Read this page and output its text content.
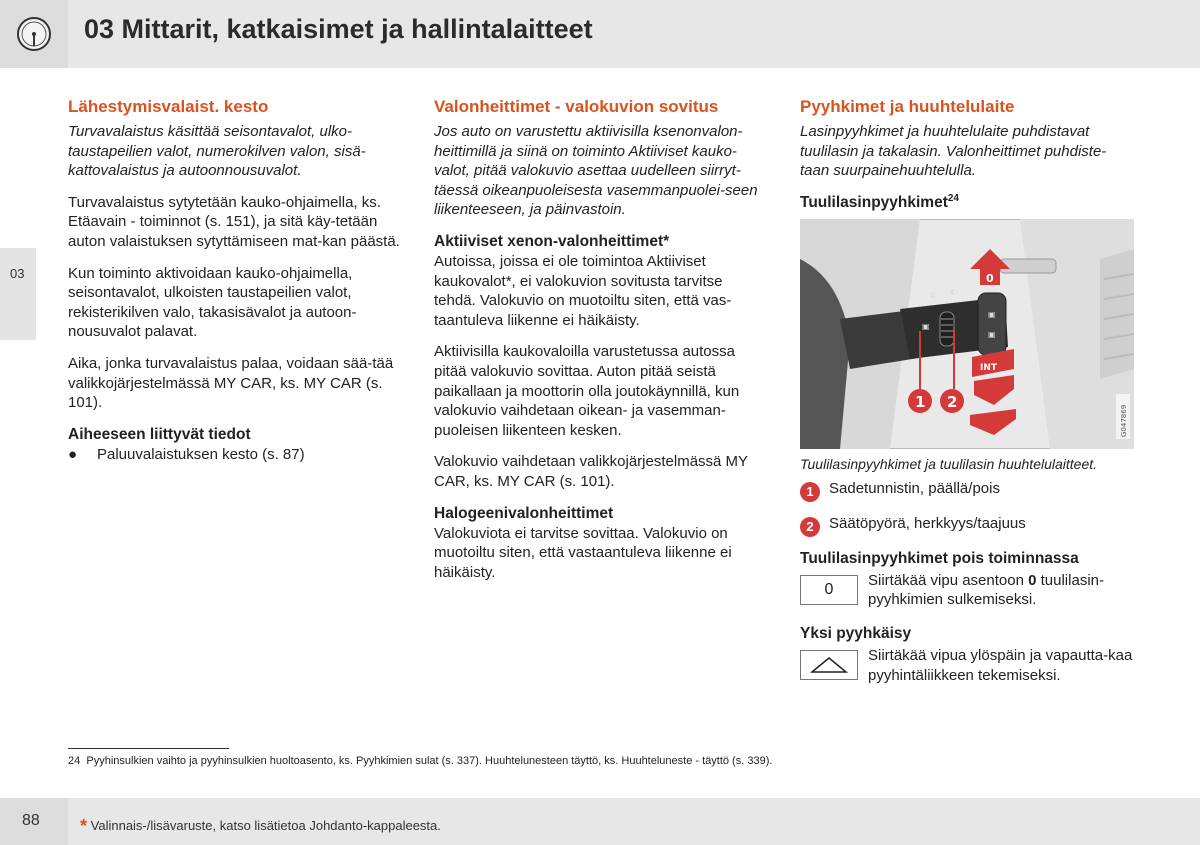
03 Mittarit, katkaisimet ja hallintalaitteet
03
Lähestymisvalaist. kesto

Turvavalaistus käsittää seisontavalot, ulko-taustapeilien valot, numerokilven valon, sisä-kattovalaistus ja autoonnousuvalot.

Turvavalaistus sytytetään kauko-ohjaimella, ks. Etäavain - toiminnot (s. 151), ja sitä käy-tetään auton valaistuksen sytyttämiseen mat-kan päästä.

Kun toiminto aktivoidaan kauko-ohjaimella, seisontavalot, ulkoisten taustapeilien valot, rekisterikilven valo, takasisävalot ja autoon-nousuvalot palavat.

Aika, jonka turvavalaistus palaa, voidaan sää-tää valikkojärjestelmässä MY CAR, ks. MY CAR (s. 101).

Aiheeseen liittyvät tiedot
●	Paluuvalaistuksen kesto (s. 87)
Valonheittimet - valokuvion sovitus

Jos auto on varustettu aktiivisilla ksenonvalon-heittimillä ja siinä on toiminto Aktiiviset kauko-valot, pitää valokuvio asettaa uudelleen siirryt-täessä oikeanpuoleisesta vasemmanpuolei-seen liikenteeseen, ja päinvastoin.

Aktiiviset xenon-valonheittimet*

Autoissa, joissa ei ole toimintoa Aktiiviset kaukovalot*, ei valokuvion sovitusta tarvitse tehdä. Valokuvio on muotoiltu siten, että vas-taantuleva liikenne ei häikäisty.

Aktiivisilla kaukovaloilla varustetussa autossa pitää valokuvio sovittaa. Auton pitää seistä paikallaan ja moottorin olla joutokäynnillä, kun valokuvio vaihdetaan oikean- ja vasemman-puoleisen liikenteen kesken.

Valokuvio vaihdetaan valikkojärjestelmässä MY CAR, ks. MY CAR (s. 101).

Halogeenivalonheittimet

Valokuviota ei tarvitse sovittaa. Valokuvio on muotoiltu siten, että vastaantuleva liikenne ei häikäisty.

Pyyhkimet ja huuhtelulaite

Lasinpyyhkimet ja huuhtelulaite puhdistavat tuulilasin ja takalasin. Valonheittimet puhdiste-taan suurpainehuuhtelulla.

Tuulilasinpyyhkimet$^{24}$
◐ ◐
▣
▣
▣
0
INT
1 2
G047869

Tuulilasinpyyhkimet ja tuulilasin huuhtelulaitteet.

1	Sadetunnistin, päällä/pois
2	Säätöpyörä, herkkyys/taajuus
Tuulilasinpyyhkimet pois toiminnassa
0
Siirtäkää vipu asentoon 0 tuulilasin-pyyhkimien sulkemiseksi.
Yksi pyyhkäisy
Siirtäkää vipua ylöspäin ja vapautta-kaa pyyhintäliikkeen tekemiseksi.
24 Pyyhinsulkien vaihto ja pyyhinsulkien huoltoasento, ks. Pyyhkimien sulat (s. 337). Huuhtelunesteen täyttö, ks. Huuhteluneste - täyttö (s. 339).
88 * Valinnais-/lisävaruste, katso lisätietoa Johdanto-kappaleesta.
